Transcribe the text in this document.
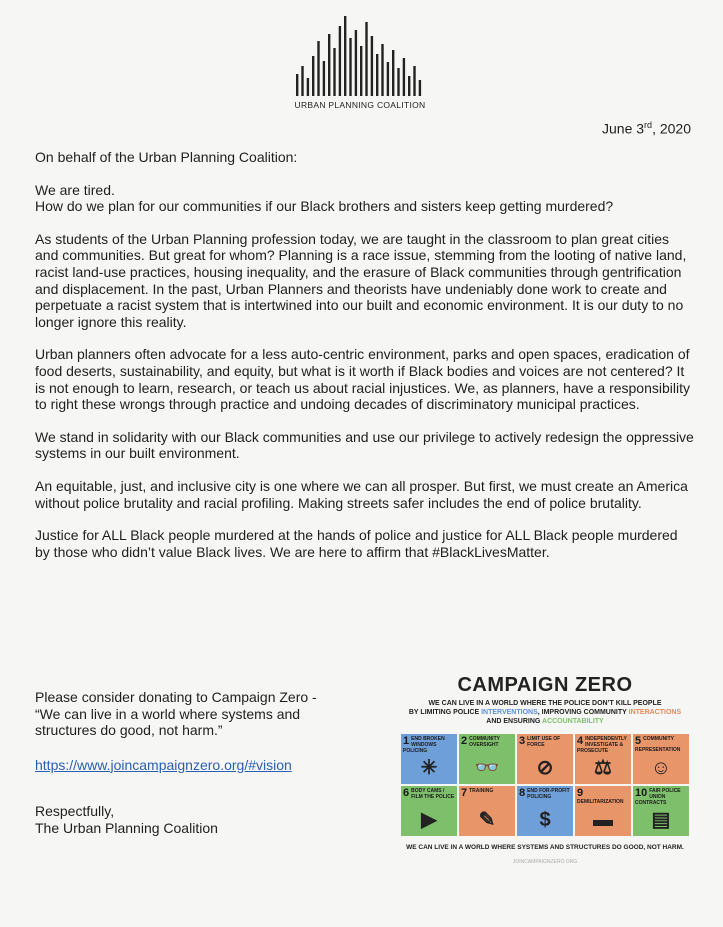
URBAN PLANNING COALITION
June 3rd, 2020

On behalf of the Urban Planning Coalition:

We are tired.
How do we plan for our communities if our Black brothers and sisters keep getting murdered?

As students of the Urban Planning profession today, we are taught in the classroom to plan great cities and communities. But great for whom? Planning is a race issue, stemming from the looting of native land, racist land-use practices, housing inequality, and the erasure of Black communities through gentrification and displacement. In the past, Urban Planners and theorists have undeniably done work to create and perpetuate a racist system that is intertwined into our built and economic environment. It is our duty to no longer ignore this reality.

Urban planners often advocate for a less auto-centric environment, parks and open spaces, eradication of food deserts, sustainability, and equity, but what is it worth if Black bodies and voices are not centered? It is not enough to learn, research, or teach us about racial injustices. We, as planners, have a responsibility to right these wrongs through practice and undoing decades of discriminatory municipal practices.

We stand in solidarity with our Black communities and use our privilege to actively redesign the oppressive systems in our built environment.

An equitable, just, and inclusive city is one where we can all prosper. But first, we must create an America without police brutality and racial profiling. Making streets safer includes the end of police brutality.

Justice for ALL Black people murdered at the hands of police and justice for ALL Black people murdered by those who didn’t value Black lives. We are here to affirm that #BlackLivesMatter.

Please consider donating to Campaign Zero -
“We can live in a world where systems and structures do good, not harm.”

https://www.joincampaignzero.org/#vision

Respectfully,
The Urban Planning Coalition

CAMPAIGN ZERO
WE CAN LIVE IN A WORLD WHERE THE POLICE DON’T KILL PEOPLE
BY LIMITING POLICE INTERVENTIONS, IMPROVING COMMUNITY INTERACTIONS
AND ENSURING ACCOUNTABILITY
1 END BROKEN WINDOWS POLICING
✳
2 COMMUNITY OVERSIGHT
👓
3 LIMIT USE OF FORCE
⊘
4 INDEPENDENTLY INVESTIGATE & PROSECUTE
⚖
5 COMMUNITY REPRESENTATION
☺
6 BODY CAMS / FILM THE POLICE
▶
7 TRAINING
✎
8 END FOR-PROFIT POLICING
$
9
DEMILITARIZATION
▬
10 FAIR POLICE UNION CONTRACTS
▤
WE CAN LIVE IN A WORLD WHERE SYSTEMS AND STRUCTURES DO GOOD, NOT HARM.
JOINCAMPAIGNZERO.ORG
